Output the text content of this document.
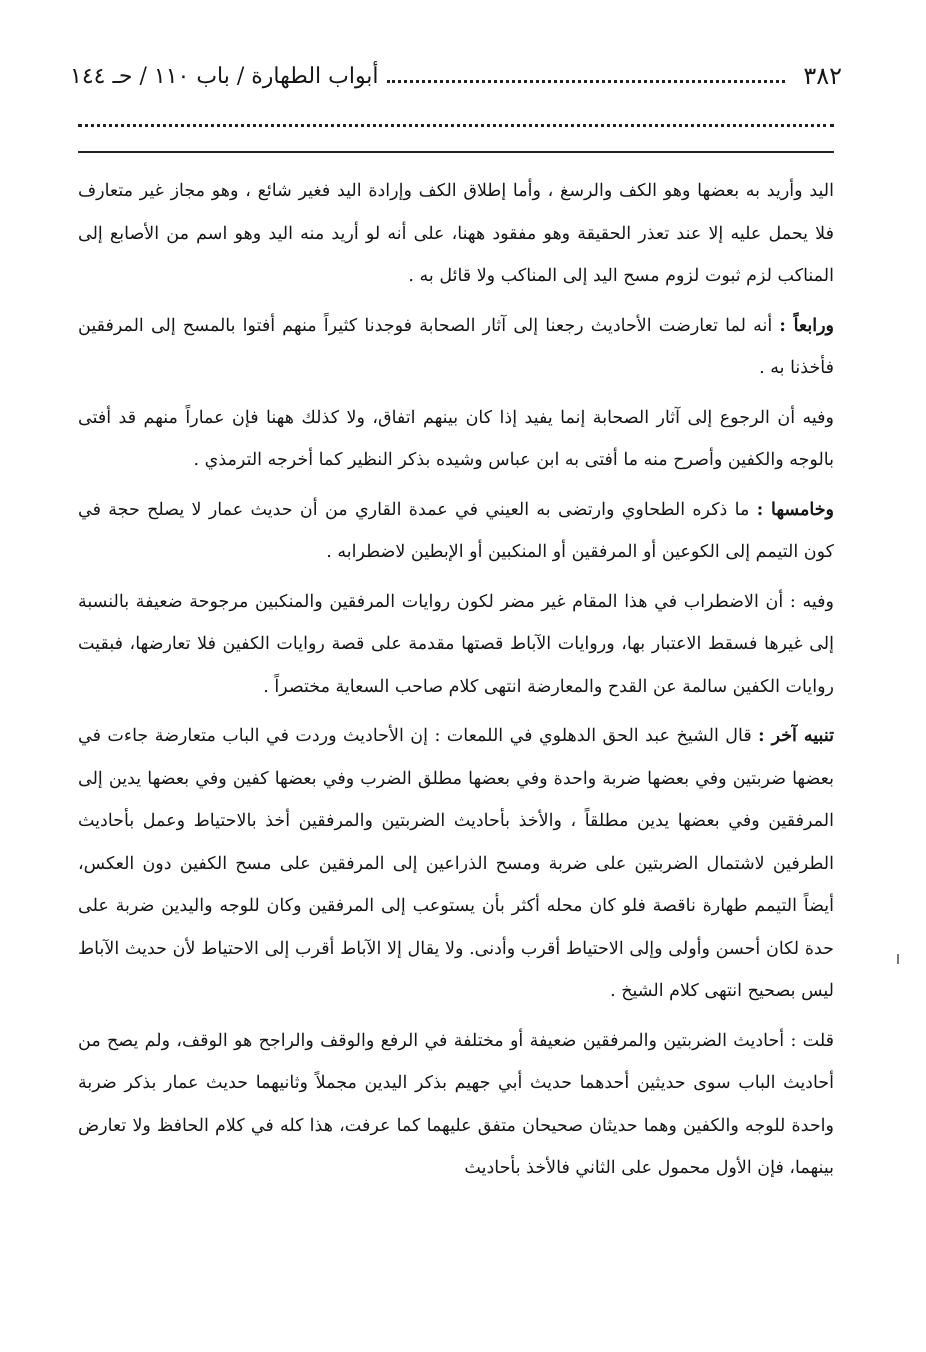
٣٨٢
أبواب الطهارة / باب ١١٠ / حـ ١٤٤

اليد وأريد به بعضها وهو الكف والرسغ ، وأما إطلاق الكف وإرادة اليد فغير شائع ، وهو مجاز غير متعارف فلا يحمل عليه إلا عند تعذر الحقيقة وهو مفقود ههنا، على أنه لو أريد منه اليد وهو اسم من الأصابع إلى المناكب لزم ثبوت لزوم مسح اليد إلى المناكب ولا قائل به .

ورابعاً : أنه لما تعارضت الأحاديث رجعنا إلى آثار الصحابة فوجدنا كثيراً منهم أفتوا بالمسح إلى المرفقين فأخذنا به .

وفيه أن الرجوع إلى آثار الصحابة إنما يفيد إذا كان بينهم اتفاق، ولا كذلك ههنا فإن عماراً منهم قد أفتى بالوجه والكفين وأصرح منه ما أفتى به ابن عباس وشيده بذكر النظير كما أخرجه الترمذي .

وخامسها : ما ذكره الطحاوي وارتضى به العيني في عمدة القاري من أن حديث عمار لا يصلح حجة في كون التيمم إلى الكوعين أو المرفقين أو المنكبين أو الإبطين لاضطرابه .

وفيه : أن الاضطراب في هذا المقام غير مضر لكون روايات المرفقين والمنكبين مرجوحة ضعيفة بالنسبة إلى غيرها فسقط الاعتبار بها، وروايات الآباط قصتها مقدمة على قصة روايات الكفين فلا تعارضها، فبقيت روايات الكفين سالمة عن القدح والمعارضة انتهى كلام صاحب السعاية مختصراً .

تنبيه آخر : قال الشيخ عبد الحق الدهلوي في اللمعات : إن الأحاديث وردت في الباب متعارضة جاءت في بعضها ضربتين وفي بعضها ضربة واحدة وفي بعضها مطلق الضرب وفي بعضها كفين وفي بعضها يدين إلى المرفقين وفي بعضها يدين مطلقاً ، والأخذ بأحاديث الضربتين والمرفقين أخذ بالاحتياط وعمل بأحاديث الطرفين لاشتمال الضربتين على ضربة ومسح الذراعين إلى المرفقين على مسح الكفين دون العكس، أيضاً التيمم طهارة ناقصة فلو كان محله أكثر بأن يستوعب إلى المرفقين وكان للوجه واليدين ضربة على حدة لكان أحسن وأولى وإلى الاحتياط أقرب وأدنى. ولا يقال إلا الآباط أقرب إلى الاحتياط لأن حديث الآباط ليس بصحيح انتهى كلام الشيخ .

قلت : أحاديث الضربتين والمرفقين ضعيفة أو مختلفة في الرفع والوقف والراجح هو الوقف، ولم يصح من أحاديث الباب سوى حديثين أحدهما حديث أبي جهيم بذكر اليدين مجملاً وثانيهما حديث عمار بذكر ضربة واحدة للوجه والكفين وهما حديثان صحيحان متفق عليهما كما عرفت، هذا كله في كلام الحافظ ولا تعارض بينهما، فإن الأول محمول على الثاني فالأخذ بأحاديث
